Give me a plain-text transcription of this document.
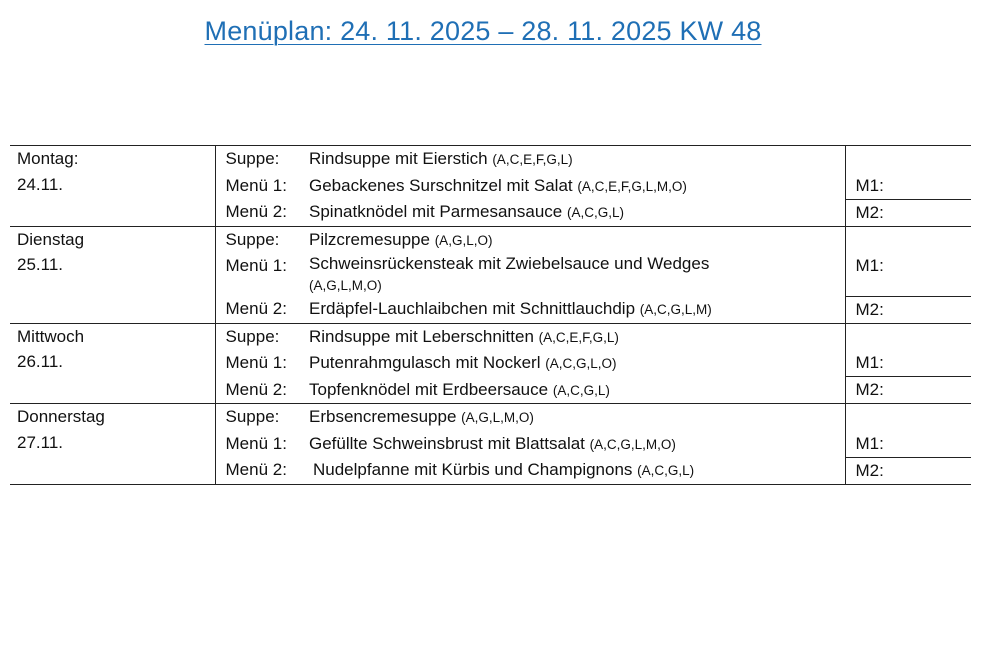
Menüplan: 24. 11. 2025 – 28. 11. 2025 KW 48
Montag:
24.11.	Suppe:	Rindsuppe mit Eierstich (A,C,E,F,G,L)	
	Menü 1:	Gebackenes Surschnitzel mit Salat (A,C,E,F,G,L,M,O)	M1:
	Menü 2:	Spinatknödel mit Parmesansauce (A,C,G,L)	M2:

Dienstag
25.11.	Suppe:	Pilzcremesuppe (A,G,L,O)	
	Menü 1:	Schweinsrückensteak mit Zwiebelsauce und Wedges
(A,G,L,M,O)	M1:
	Menü 2:	Erdäpfel-Lauchlaibchen mit Schnittlauchdip (A,C,G,L,M)	M2:

Mittwoch
26.11.	Suppe:	Rindsuppe mit Leberschnitten (A,C,E,F,G,L)	
	Menü 1:	Putenrahmgulasch mit Nockerl (A,C,G,L,O)	M1:
	Menü 2:	Topfenknödel mit Erdbeersauce (A,C,G,L)	M2:

Donnerstag
27.11.	Suppe:	Erbsencremesuppe (A,G,L,M,O)	
	Menü 1:	Gefüllte Schweinsbrust mit Blattsalat (A,C,G,L,M,O)	M1:
	Menü 2:	Nudelpfanne mit Kürbis und Champignons (A,C,G,L)	M2:
